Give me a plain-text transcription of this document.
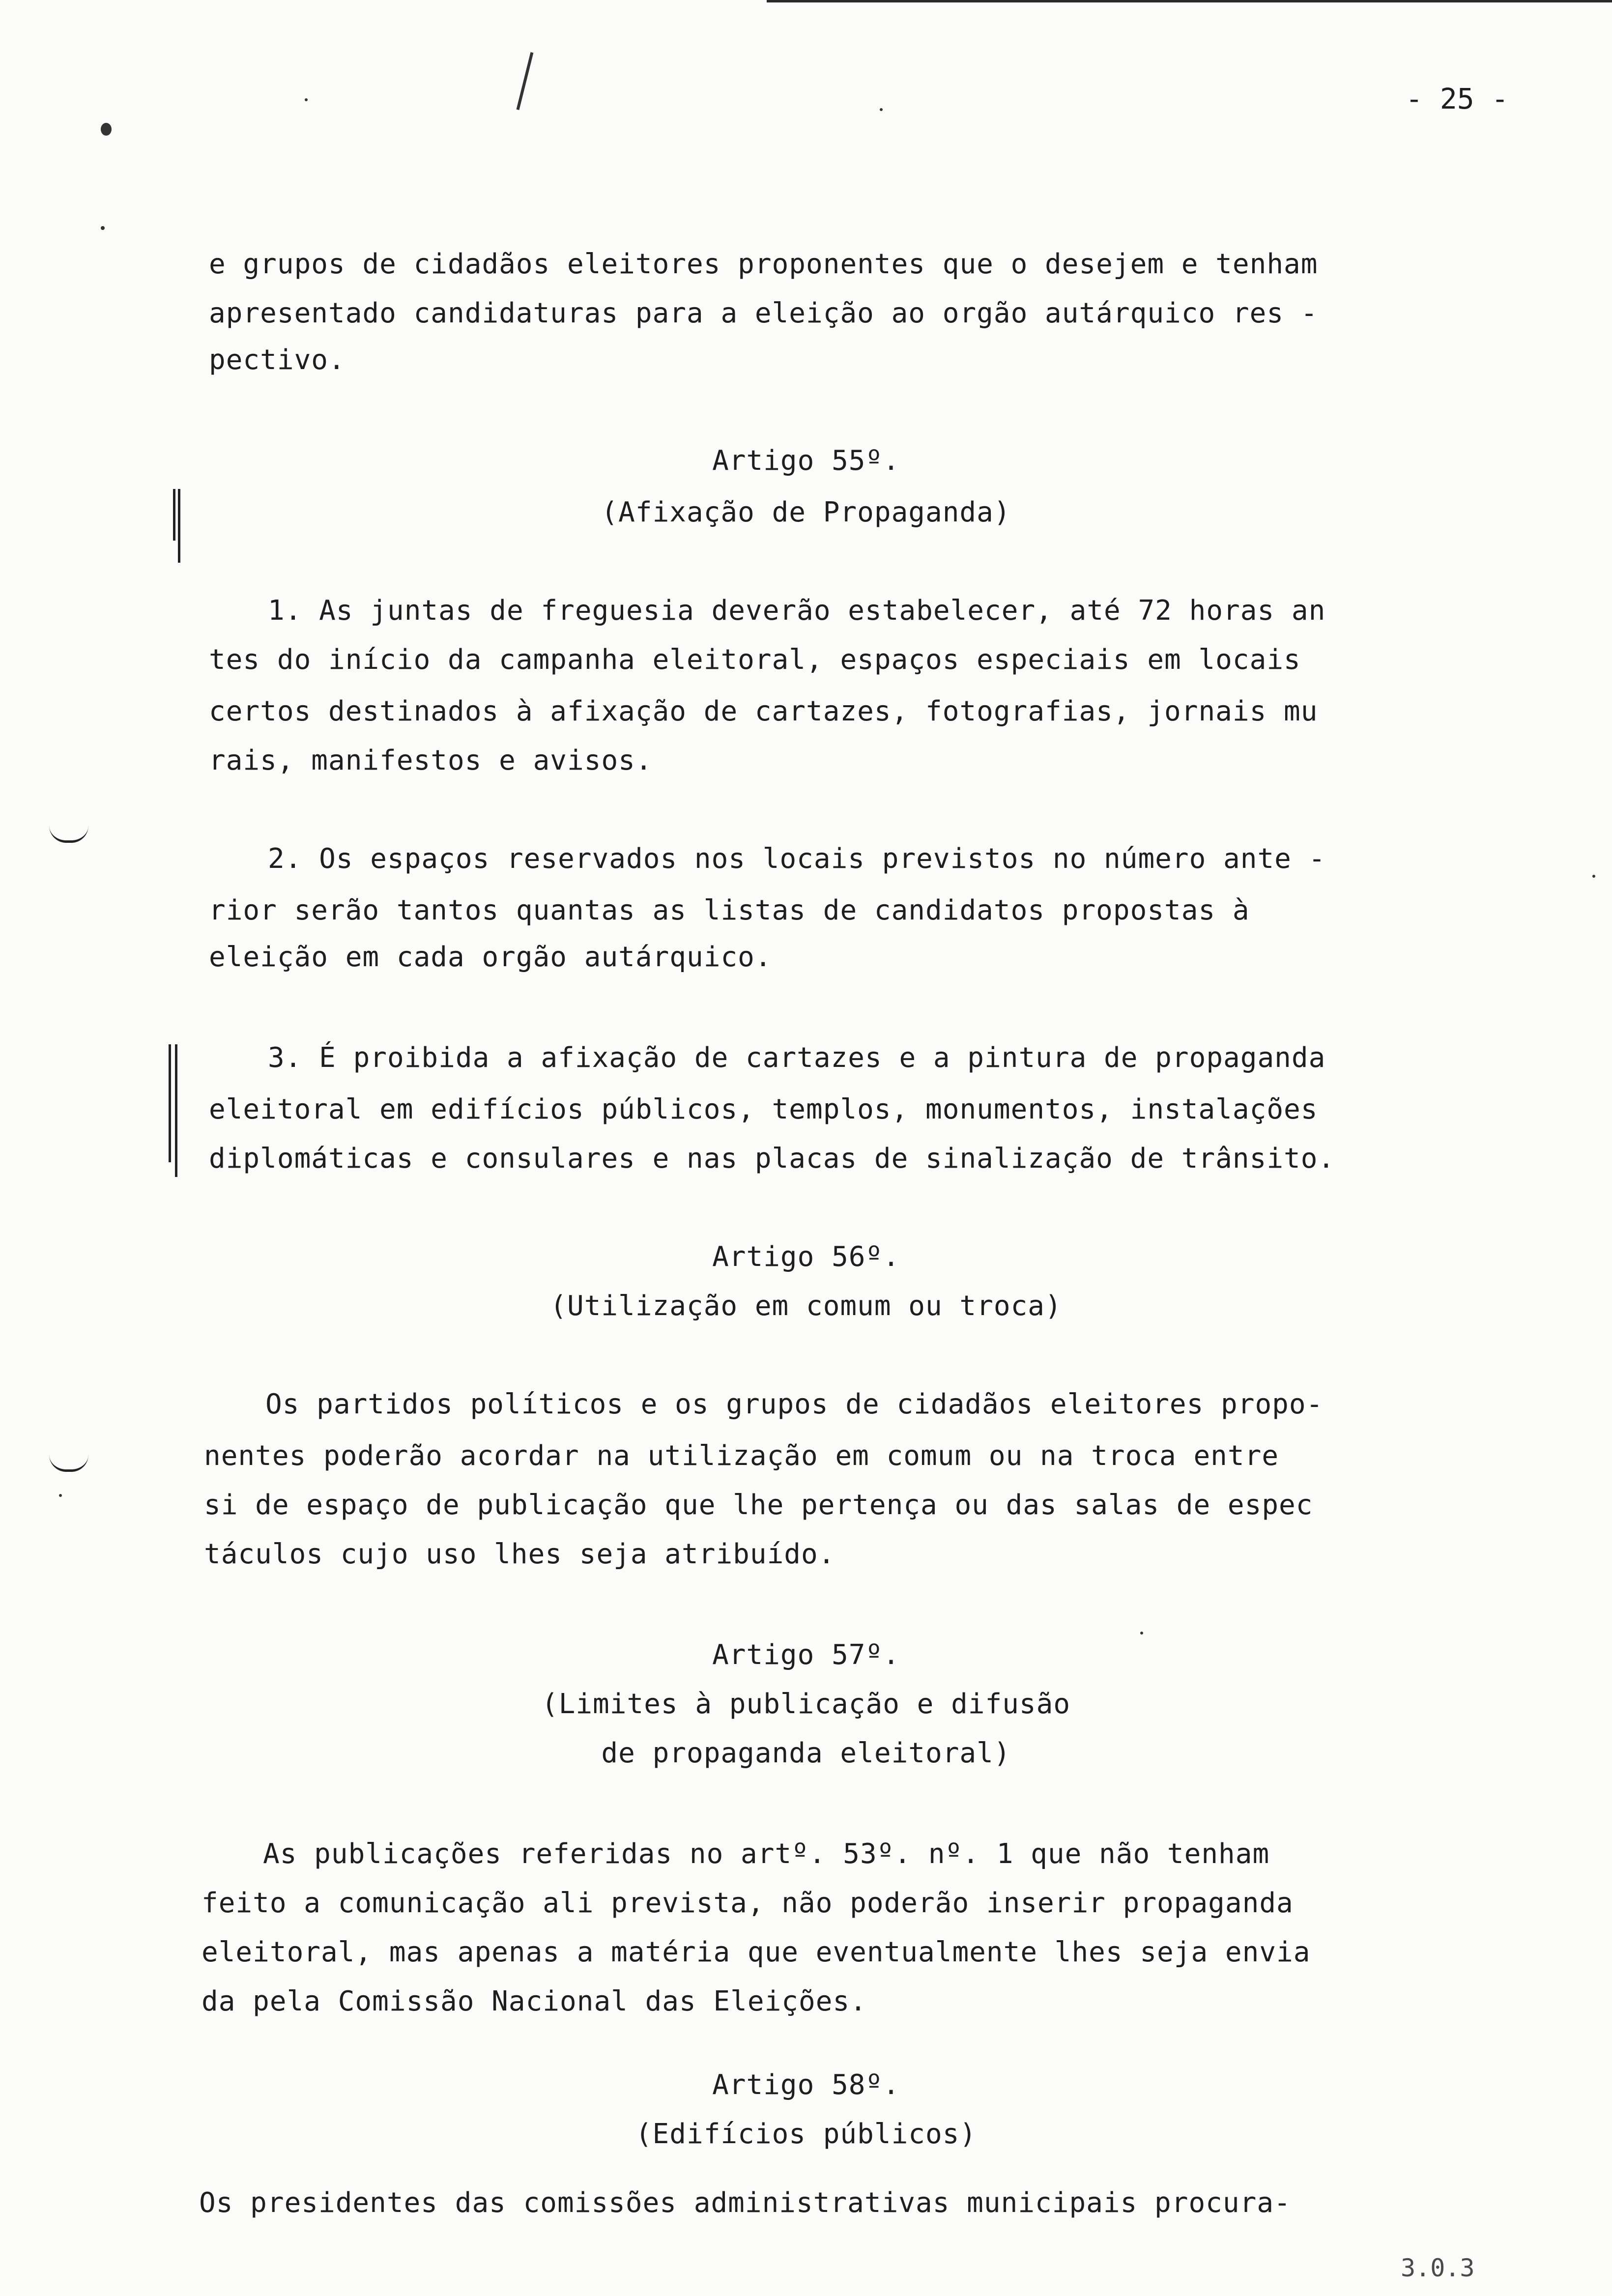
- 25 -
e grupos de cidadãos eleitores proponentes que o desejem e tenham
apresentado candidaturas para a eleição ao orgão autárquico res -
pectivo.
Artigo 55º.
(Afixação de Propaganda)
1. As juntas de freguesia deverão estabelecer, até 72 horas an
tes do início da campanha eleitoral, espaços especiais em locais
certos destinados à afixação de cartazes, fotografias, jornais mu
rais, manifestos e avisos.
2. Os espaços reservados nos locais previstos no número ante -
rior serão tantos quantas as listas de candidatos propostas à
eleição em cada orgão autárquico.
3. É proibida a afixação de cartazes e a pintura de propaganda
eleitoral em edifícios públicos, templos, monumentos, instalações
diplomáticas e consulares e nas placas de sinalização de trânsito.
Artigo 56º.
(Utilização em comum ou troca)
Os partidos políticos e os grupos de cidadãos eleitores propo-
nentes poderão acordar na utilização em comum ou na troca entre
si de espaço de publicação que lhe pertença ou das salas de espec
táculos cujo uso lhes seja atribuído.
Artigo 57º.
(Limites à publicação e difusão
de propaganda eleitoral)
As publicações referidas no artº. 53º. nº. 1 que não tenham
feito a comunicação ali prevista, não poderão inserir propaganda
eleitoral, mas apenas a matéria que eventualmente lhes seja envia
da pela Comissão Nacional das Eleições.
Artigo 58º.
(Edifícios públicos)
Os presidentes das comissões administrativas municipais procura-
3.0.3
